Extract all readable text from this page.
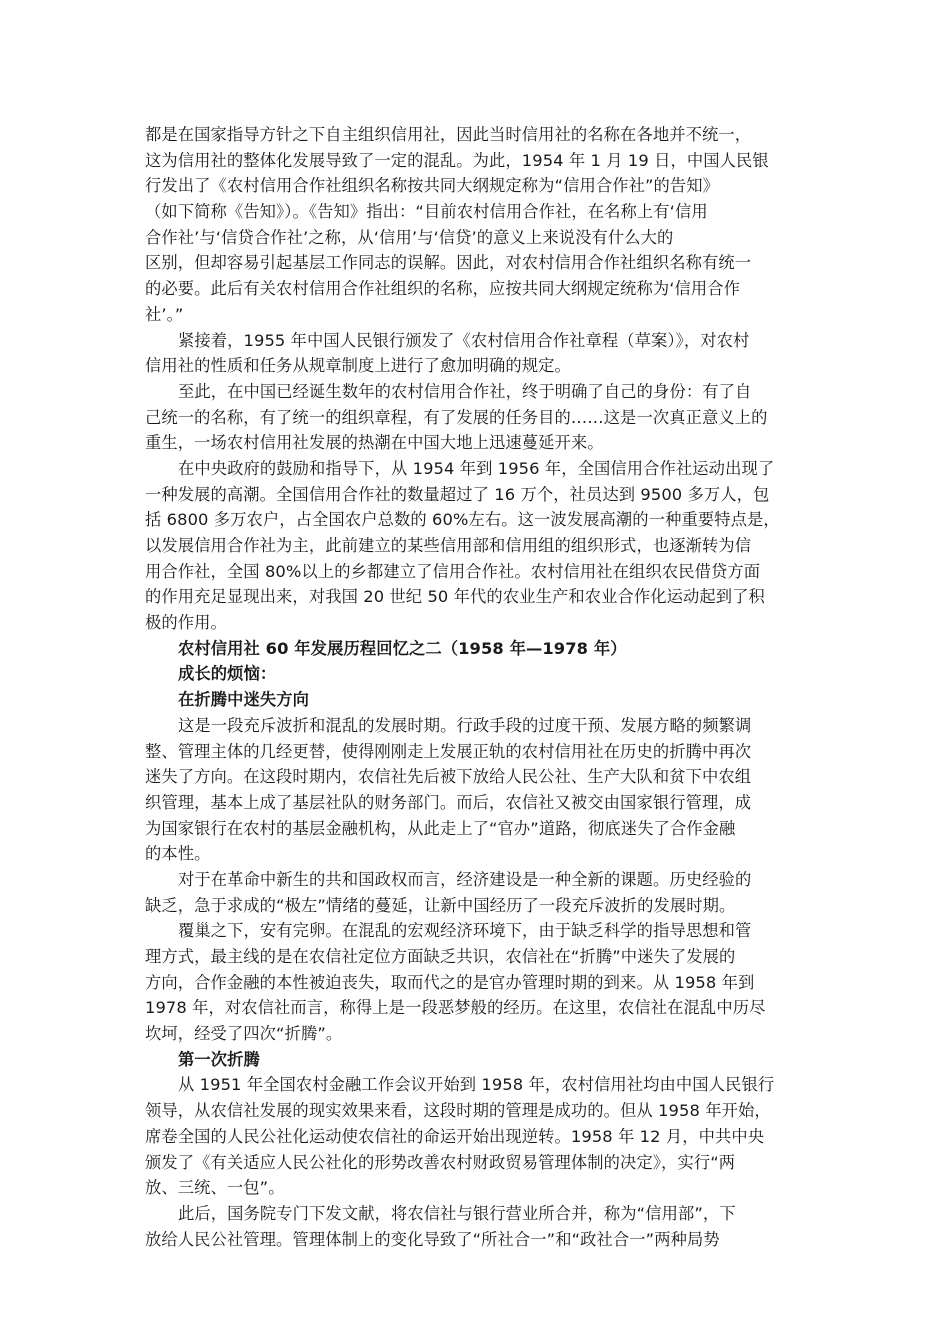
都是在国家指导方针之下自主组织信用社，因此当时信用社的名称在各地并不统一，
这为信用社的整体化发展导致了一定的混乱。为此，1954 年 1 月 19 日，中国人民银
行发出了《农村信用合作社组织名称按共同大纲规定称为“信用合作社”的告知》
（如下简称《告知》）。《告知》指出：“目前农村信用合作社，在名称上有‘信用
合作社’与‘信贷合作社’之称，从‘信用’与‘信贷’的意义上来说没有什么大的
区别，但却容易引起基层工作同志的误解。因此，对农村信用合作社组织名称有统一
的必要。此后有关农村信用合作社组织的名称，应按共同大纲规定统称为‘信用合作
社’。”
紧接着，1955 年中国人民银行颁发了《农村信用合作社章程（草案）》，对农村
信用社的性质和任务从规章制度上进行了愈加明确的规定。
至此，在中国已经诞生数年的农村信用合作社，终于明确了自己的身份：有了自
己统一的名称，有了统一的组织章程，有了发展的任务目的……这是一次真正意义上的
重生，一场农村信用社发展的热潮在中国大地上迅速蔓延开来。
在中央政府的鼓励和指导下，从 1954 年到 1956 年，全国信用合作社运动出现了
一种发展的高潮。全国信用合作社的数量超过了 16 万个，社员达到 9500 多万人，包
括 6800 多万农户，占全国农户总数的 60%左右。这一波发展高潮的一种重要特点是，
以发展信用合作社为主，此前建立的某些信用部和信用组的组织形式，也逐渐转为信
用合作社，全国 80%以上的乡都建立了信用合作社。农村信用社在组织农民借贷方面
的作用充足显现出来，对我国 20 世纪 50 年代的农业生产和农业合作化运动起到了积
极的作用。
农村信用社 60 年发展历程回忆之二（1958 年—1978 年）
成长的烦恼：
在折腾中迷失方向
这是一段充斥波折和混乱的发展时期。行政手段的过度干预、发展方略的频繁调
整、管理主体的几经更替，使得刚刚走上发展正轨的农村信用社在历史的折腾中再次
迷失了方向。在这段时期内，农信社先后被下放给人民公社、生产大队和贫下中农组
织管理，基本上成了基层社队的财务部门。而后，农信社又被交由国家银行管理，成
为国家银行在农村的基层金融机构，从此走上了“官办”道路，彻底迷失了合作金融
的本性。
对于在革命中新生的共和国政权而言，经济建设是一种全新的课题。历史经验的
缺乏，急于求成的“极左”情绪的蔓延，让新中国经历了一段充斥波折的发展时期。
覆巢之下，安有完卵。在混乱的宏观经济环境下，由于缺乏科学的指导思想和管
理方式，最主线的是在农信社定位方面缺乏共识，农信社在“折腾”中迷失了发展的
方向，合作金融的本性被迫丧失，取而代之的是官办管理时期的到来。从 1958 年到
1978 年，对农信社而言，称得上是一段恶梦般的经历。在这里，农信社在混乱中历尽
坎坷，经受了四次“折腾”。
第一次折腾
从 1951 年全国农村金融工作会议开始到 1958 年，农村信用社均由中国人民银行
领导，从农信社发展的现实效果来看，这段时期的管理是成功的。但从 1958 年开始，
席卷全国的人民公社化运动使农信社的命运开始出现逆转。1958 年 12 月，中共中央
颁发了《有关适应人民公社化的形势改善农村财政贸易管理体制的决定》，实行“两
放、三统、一包”。
此后，国务院专门下发文献，将农信社与银行营业所合并，称为“信用部”，下
放给人民公社管理。管理体制上的变化导致了“所社合一”和“政社合一”两种局势
